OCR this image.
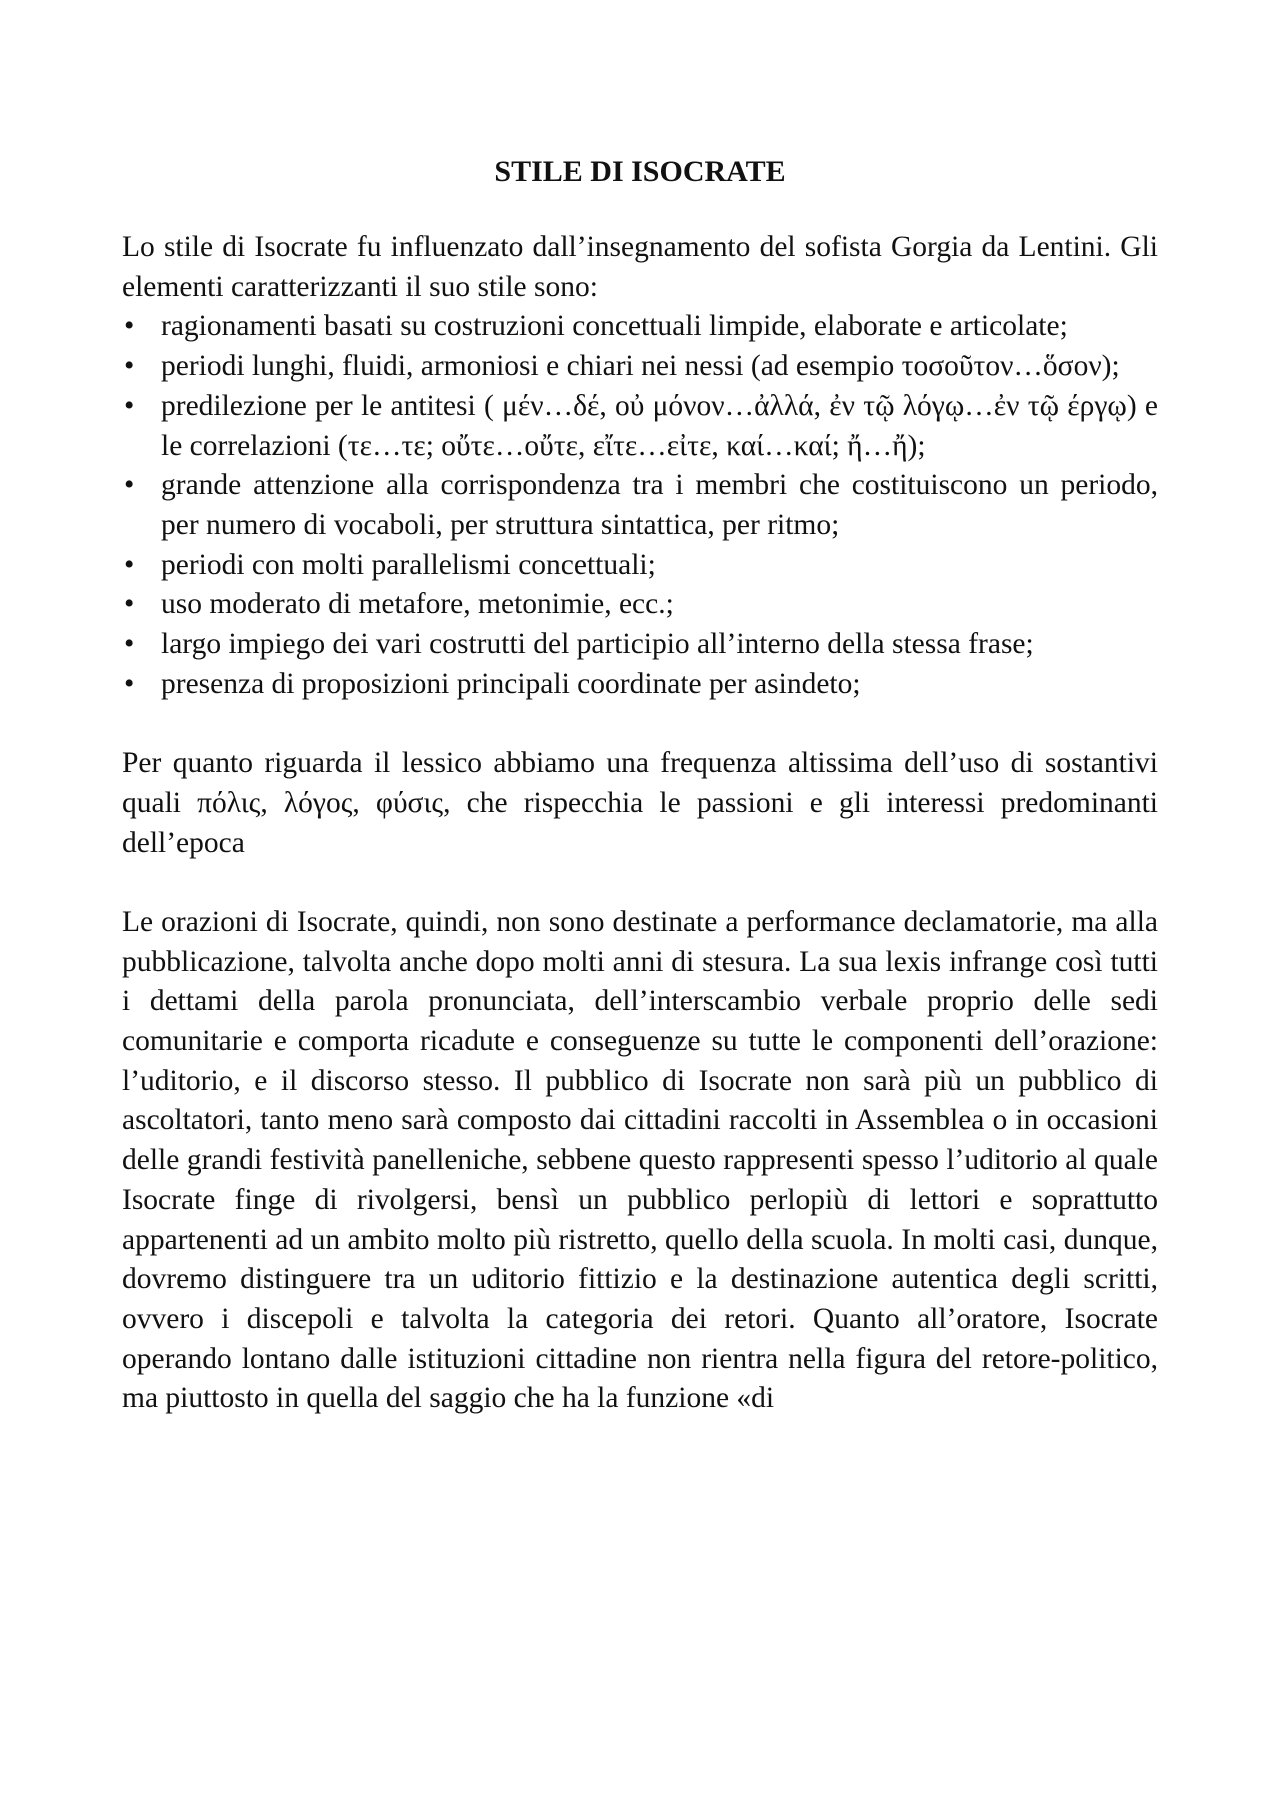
STILE DI ISOCRATE

Lo stile di Isocrate fu influenzato dall’insegnamento del sofista Gorgia da Lentini. Gli elementi caratterizzanti il suo stile sono:

• ragionamenti basati su costruzioni concettuali limpide, elaborate e articolate;
• periodi lunghi, fluidi, armoniosi e chiari nei nessi (ad esempio τοσοῦτον…ὅσον);
• predilezione per le antitesi ( μέν…δέ, οὐ μόνον…ἀλλά, ἐν τῷ λόγῳ…ἐν τῷ έργῳ) e le correlazioni (τε…τε; οὔτε…οὔτε, εἴτε…εἰτε, καί…καί; ἤ…ἤ);
• grande attenzione alla corrispondenza tra i membri che costituiscono un periodo, per numero di vocaboli, per struttura sintattica, per ritmo;
• periodi con molti parallelismi concettuali;
• uso moderato di metafore, metonimie, ecc.;
• largo impiego dei vari costrutti del participio all’interno della stessa frase;
• presenza di proposizioni principali coordinate per asindeto;

Per quanto riguarda il lessico abbiamo una frequenza altissima dell’uso di sostantivi quali πόλις, λόγος, φύσις, che rispecchia le passioni e gli interessi predominanti dell’epoca

Le orazioni di Isocrate, quindi, non sono destinate a performance declamatorie, ma alla pubblicazione, talvolta anche dopo molti anni di stesura. La sua lexis infrange così tutti i dettami della parola pronunciata, dell’interscambio verbale proprio delle sedi comunitarie e comporta ricadute e conseguenze su tutte le componenti dell’orazione: l’uditorio, e il discorso stesso. Il pubblico di Isocrate non sarà più un pubblico di ascoltatori, tanto meno sarà composto dai cittadini raccolti in Assemblea o in occasioni delle grandi festività panelleniche, sebbene questo rappresenti spesso l’uditorio al quale Isocrate finge di rivolgersi, bensì un pubblico perlopiù di lettori e soprattutto appartenenti ad un ambito molto più ristretto, quello della scuola. In molti casi, dunque, dovremo distinguere tra un uditorio fittizio e la destinazione autentica degli scritti, ovvero i discepoli e talvolta la categoria dei retori. Quanto all’oratore, Isocrate operando lontano dalle istituzioni cittadine non rientra nella figura del retore-politico, ma piuttosto in quella del saggio che ha la funzione «di
